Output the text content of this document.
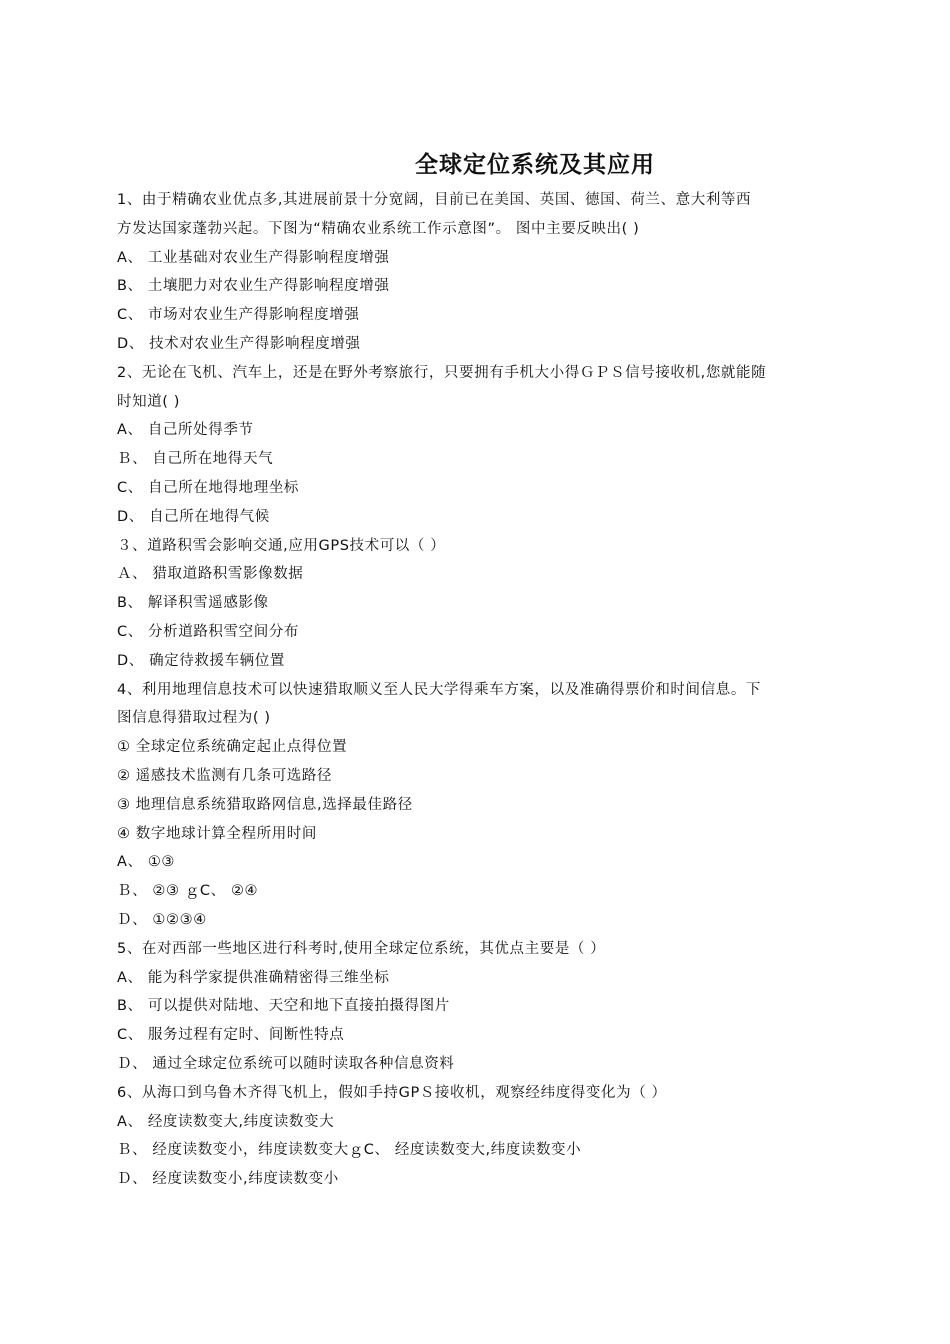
全球定位系统及其应用
1、由于精确农业优点多,其进展前景十分宽阔，目前已在美国、英国、德国、荷兰、意大利等西
方发达国家蓬勃兴起。下图为“精确农业系统工作示意图”。 图中主要反映出( )
A、 工业基础对农业生产得影响程度增强
B、 土壤肥力对农业生产得影响程度增强
C、 市场对农业生产得影响程度增强
D、 技术对农业生产得影响程度增强
2、无论在飞机、汽车上，还是在野外考察旅行，只要拥有手机大小得ＧＰＳ信号接收机,您就能随
时知道( )
A、 自己所处得季节
Ｂ、 自己所在地得天气
C、 自己所在地得地理坐标
D、 自己所在地得气候
３、道路积雪会影响交通,应用GPS技术可以（ ）
Ａ、 猎取道路积雪影像数据
B、 解译积雪遥感影像
C、 分析道路积雪空间分布
D、 确定待救援车辆位置
4、利用地理信息技术可以快速猎取顺义至人民大学得乘车方案，以及准确得票价和时间信息。下
图信息得猎取过程为( )
① 全球定位系统确定起止点得位置
② 遥感技术监测有几条可选路径
③ 地理信息系统猎取路网信息,选择最佳路径
④ 数字地球计算全程所用时间
A、 ①③
Ｂ、 ②③ ｇC、 ②④
Ｄ、 ①②③④
5、在对西部一些地区进行科考时,使用全球定位系统，其优点主要是（ ）
A、 能为科学家提供准确精密得三维坐标
B、 可以提供对陆地、天空和地下直接拍摄得图片
C、 服务过程有定时、间断性特点
Ｄ、 通过全球定位系统可以随时读取各种信息资料
6、从海口到乌鲁木齐得飞机上，假如手持GPＳ接收机，观察经纬度得变化为（ ）
A、 经度读数变大,纬度读数变大
Ｂ、 经度读数变小，纬度读数变大ｇC、 经度读数变大,纬度读数变小
Ｄ、 经度读数变小,纬度读数变小
